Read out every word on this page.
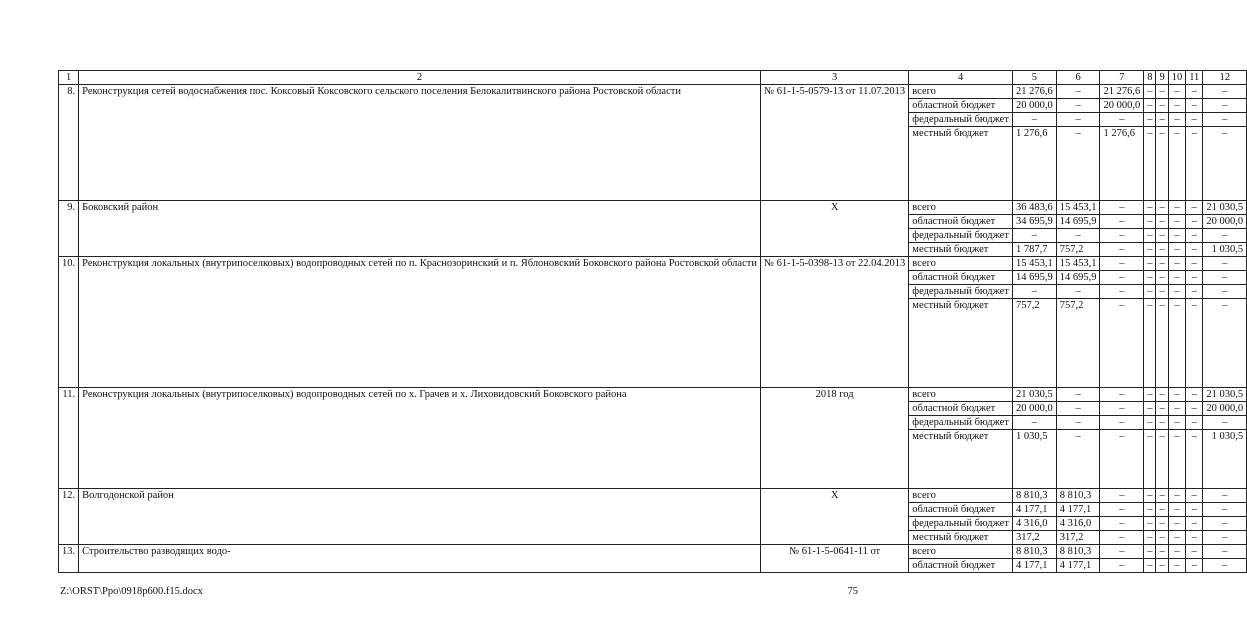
1	2	3	4	5	6	7	8	9	10	11	12
8.	Реконструкция сетей водоснабжения пос. Коксовый Коксовского сельского поселения Белокалитвинского района Ростовской области	№ 61-1-5-0579-13 от 11.07.2013	всего	21 276,6	–	21 276,6	–	–	–	–	–
			областной бюджет	20 000,0	–	20 000,0	–	–	–	–	–
			федеральный бюджет	–	–	–	–	–	–	–	–
			местный бюджет	1 276,6	–	1 276,6	–	–	–	–	–
9.	Боковский район	Х	всего	36 483,6	15 453,1	–	–	–	–	–	21 030,5
			областной бюджет	34 695,9	14 695,9	–	–	–	–	–	20 000,0
			федеральный бюджет	–	–	–	–	–	–	–	–
			местный бюджет	1 787,7	757,2	–	–	–	–	–	1 030,5
10.	Реконструкция локальных (внутрипоселковых) водопроводных сетей по п. Краснозоринский и п. Яблоновский Боковского района Ростовской области	№ 61-1-5-0398-13 от 22.04.2013	всего	15 453,1	15 453,1	–	–	–	–	–	–
			областной бюджет	14 695,9	14 695,9	–	–	–	–	–	–
			федеральный бюджет	–	–	–	–	–	–	–	–
			местный бюджет	757,2	757,2	–	–	–	–	–	–
11.	Реконструкция локальных (внутрипоселковых) водопроводных сетей по х. Грачев и х. Лиховидовский Боковского района	2018 год	всего	21 030,5	–	–	–	–	–	–	21 030,5
			областной бюджет	20 000,0	–	–	–	–	–	–	20 000,0
			федеральный бюджет	–	–	–	–	–	–	–	–
			местный бюджет	1 030,5	–	–	–	–	–	–	1 030,5
12.	Волгодонской район	Х	всего	8 810,3	8 810,3	–	–	–	–	–	–
			областной бюджет	4 177,1	4 177,1	–	–	–	–	–	–
			федеральный бюджет	4 316,0	4 316,0	–	–	–	–	–	–
			местный бюджет	317,2	317,2	–	–	–	–	–	–
13.	Строительство разводящих водо-	№ 61-1-5-0641-11 от	всего	8 810,3	8 810,3	–	–	–	–	–	–
			областной бюджет	4 177,1	4 177,1	–	–	–	–	–	–
Z:\ORST\Ppo\0918p600.f15.docx	75
